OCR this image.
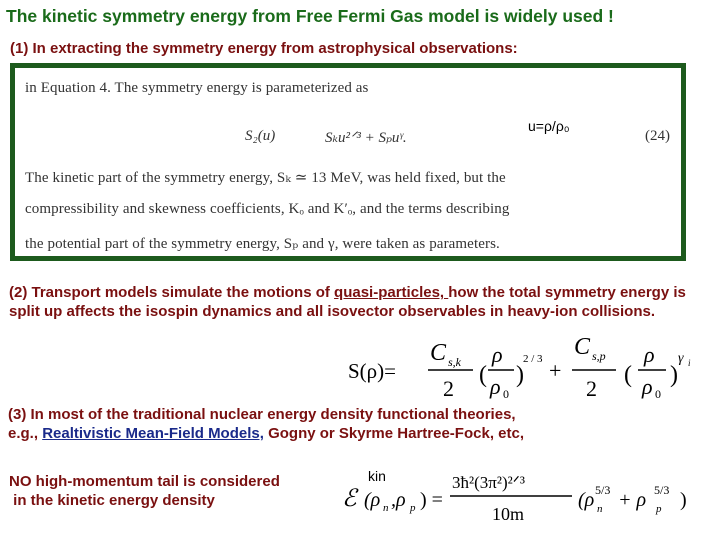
The kinetic symmetry energy from Free Fermi Gas model is widely used !
(1) In extracting the symmetry energy from astrophysical observations:
in Equation 4. The symmetry energy is parameterized as
S₂(u)	Sₖu²ᐟ³ + Sₚuᵞ.
u=ρ/ρ₀
(24)
The kinetic part of the symmetry energy, Sₖ ≃ 13 MeV, was held fixed, but the
compressibility and skewness coefficients, Kₒ and K′ₒ, and the terms describing
the potential part of the symmetry energy, Sₚ and γ, were taken as parameters.
(2) Transport models simulate the motions of quasi-particles, how the total symmetry energy is split up affects the isospin dynamics and all isovector observables in heavy-ion collisions.
S(ρ)=
C s,k
2
(
ρ
ρ 0
)
2 / 3 +
C s,p
2
(
ρ
ρ 0
)
γ i
(3) In most of the traditional nuclear energy density functional theories,
e.g., Realtivistic Mean-Field Models, Gogny or Skyrme Hartree-Fock, etc,
NO high-momentum tail is considered
in the kinetic energy density
kin
ℰ (ρ n ,ρ p ) =
3ħ²(3π²)²ᐟ³
10m
(ρ n
5/3 + ρ p
5/3 )
